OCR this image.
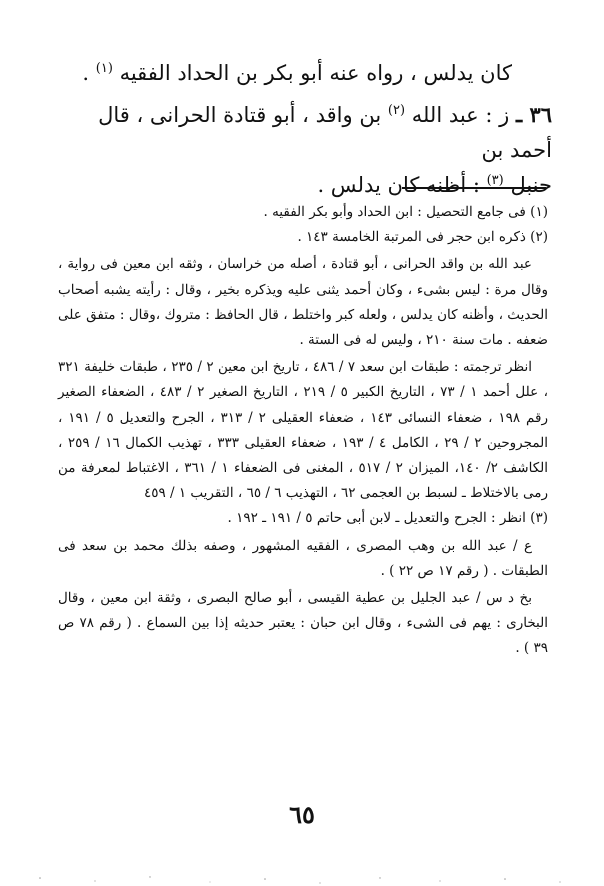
كان يدلس ، رواه عنه أبو بكر بن الحداد الفقيه $^{(١)}$ .

٣٦ ـ ز : عبد الله $^{(٢)}$ بن واقد ، أبو قتادة الحرانى ، قال أحمد بن

حنبل $^{(٣)}$ : أظنه كان يدلس .

(١) فى جامع التحصيل : ابن الحداد وأبو بكر الفقيه .

(٢) ذكره ابن حجر فى المرتبة الخامسة ١٤٣ .

عبد الله بن واقد الحرانى ، أبو قتادة ، أصله من خراسان ، وثقه ابن معين فى رواية ، وقال مرة : ليس بشىء ، وكان أحمد يثنى عليه ويذكره بخير ، وقال : رأيته يشبه أصحاب الحديث ، وأظنه كان يدلس ، ولعله كبر واختلط ، قال الحافظ : متروك ،وقال : متفق على ضعفه . مات سنة ٢١٠ ، وليس له فى الستة .

انظر ترجمته : طبقات ابن سعد ٧ / ٤٨٦ ، تاريخ ابن معين ٢ / ٢٣٥ ، طبقات خليفة ٣٢١ ، علل أحمد ١ / ٧٣ ، التاريخ الكبير ٥ / ٢١٩ ، التاريخ الصغير ٢ / ٤٨٣ ، الضعفاء الصغير رقم ١٩٨ ، ضعفاء النسائى ١٤٣ ، ضعفاء العقيلى ٢ / ٣١٣ ، الجرح والتعديل ٥ / ١٩١ ، المجروحين ٢ / ٢٩ ، الكامل ٤ / ١٩٣ ، ضعفاء العقيلى ٣٣٣ ، تهذيب الكمال ١٦ / ٢٥٩ ، الكاشف ٢/ ١٤٠، الميزان ٢ / ٥١٧ ، المغنى فى الضعفاء ١ / ٣٦١ ، الاغتباط لمعرفة من رمى بالاختلاط ـ لسبط بن العجمى ٦٢ ، التهذيب ٦ / ٦٥ ، التقريب ١ / ٤٥٩

(٣) انظر : الجرح والتعديل ـ لابن أبى حاتم ٥ / ١٩١ ـ ١٩٢ .

ع / عبد الله بن وهب المصرى ، الفقيه المشهور ، وصفه بذلك محمد بن سعد فى الطبقات . ( رقم ١٧ ص ٢٢ ) .

بخ د س / عبد الجليل بن عطية القيسى ، أبو صالح البصرى ، وثقة ابن معين ، وقال البخارى : يهم فى الشىء ، وقال ابن حبان : يعتبر حديثه إذا بين السماع . ( رقم ٧٨ ص ٣٩ ) .

٦٥
